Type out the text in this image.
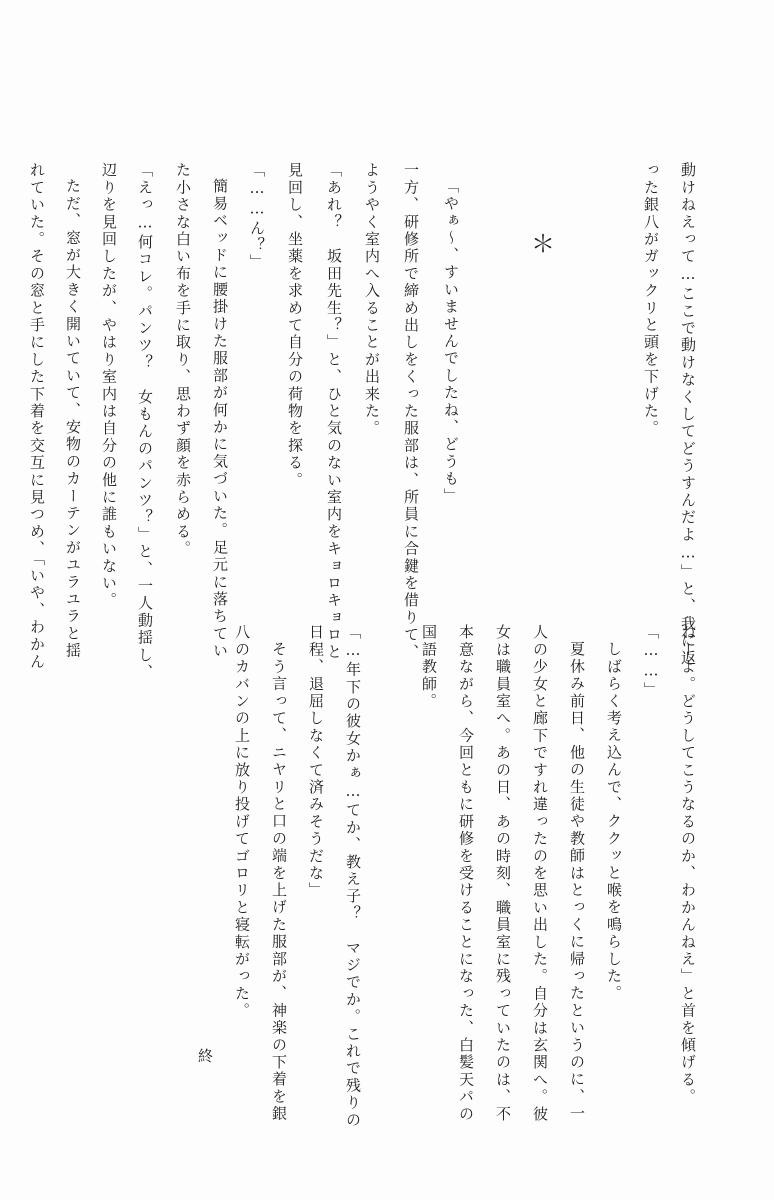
動けねえって…ここで動けなくしてどうすんだよ…」と、我に返
った銀八がガックリと頭を下げた。
「やぁ〜、すいませんでしたね、どうも」
一方、研修所で締め出しをくった服部は、所員に合鍵を借りて、
ようやく室内へ入ることが出来た。
「あれ？　坂田先生？」と、ひと気のない室内をキョロキョロと
見回し、坐薬を求めて自分の荷物を探る。
「……ん？」
簡易ベッドに腰掛けた服部が何かに気づいた。足元に落ちてい
た小さな白い布を手に取り、思わず顔を赤らめる。
「えっ…何コレ。パンツ？　女もんのパンツ？」と、一人動揺し、
辺りを見回したが、やはり室内は自分の他に誰もいない。
ただ、窓が大きく開いていて、安物のカーテンがユラユラと揺
れていた。その窓と手にした下着を交互に見つめ、「いや、わかん	＊
ねーよ。どうしてこうなるのか、わかんねえ」と首を傾げる。
「……」
しばらく考え込んで、ククッと喉を鳴らした。
夏休み前日、他の生徒や教師はとっくに帰ったというのに、一
人の少女と廊下ですれ違ったのを思い出した。自分は玄関へ。彼
女は職員室へ。あの日、あの時刻、職員室に残っていたのは、不
本意ながら、今回ともに研修を受けることになった、白髪天パの
国語教師。
「…年下の彼女かぁ…てか、教え子？　マジでか。これで残りの
日程、退屈しなくて済みそうだな」
そう言って、ニヤリと口の端を上げた服部が、神楽の下着を銀
八のカバンの上に放り投げてゴロリと寝転がった。
終
